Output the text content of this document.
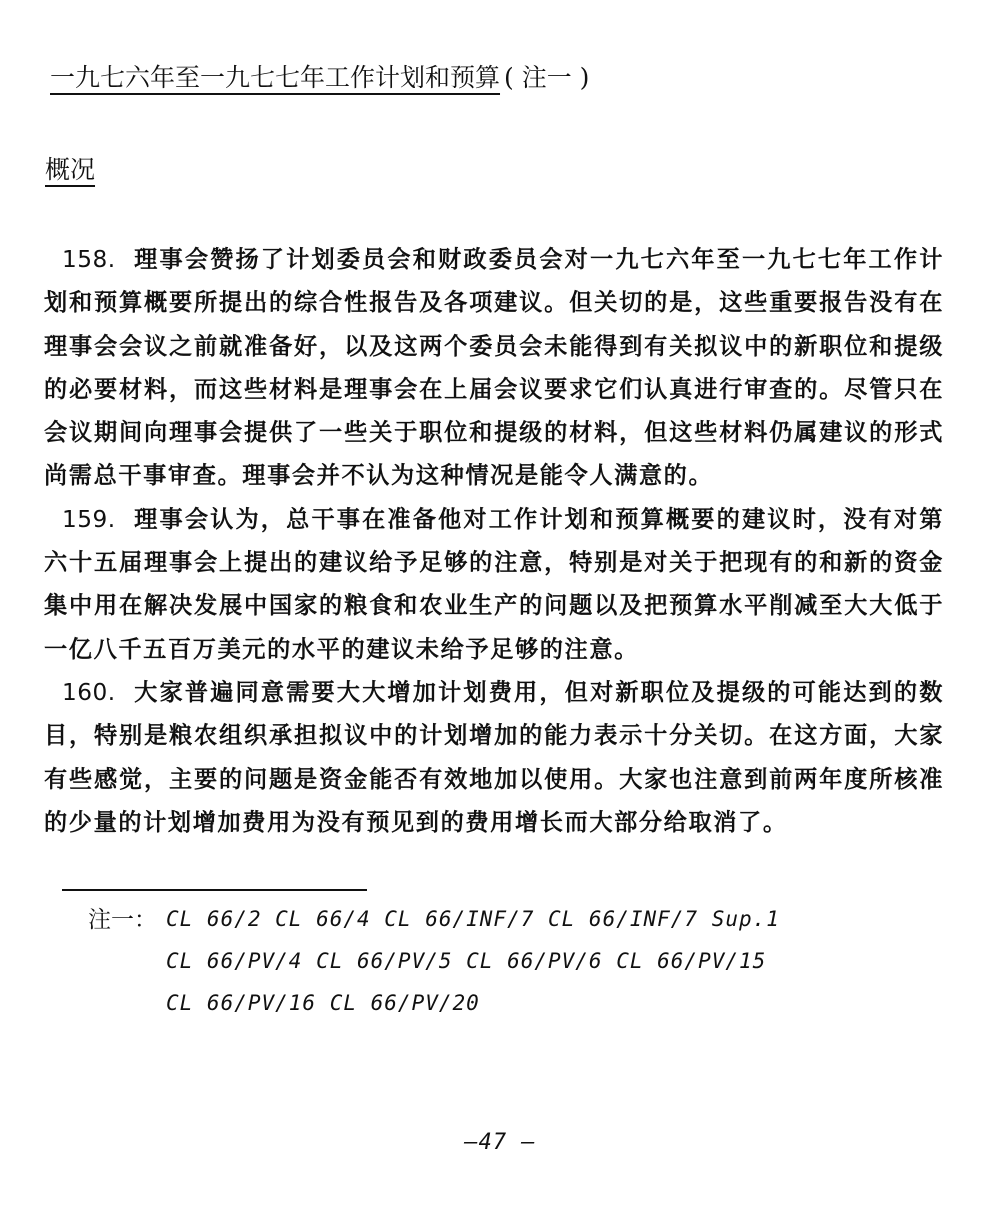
一九七六年至一九七七年工作计划和预算 ( 注一 )
概况

158. 理事会赞扬了计划委员会和财政委员会对一九七六年至一九七七年工作计划和预算概要所提出的综合性报告及各项建议。但关切的是，这些重要报告没有在理事会会议之前就准备好，以及这两个委员会未能得到有关拟议中的新职位和提级的必要材料，而这些材料是理事会在上届会议要求它们认真进行审查的。尽管只在会议期间向理事会提供了一些关于职位和提级的材料，但这些材料仍属建议的形式尚需总干事审查。理事会并不认为这种情况是能令人满意的。

159. 理事会认为，总干事在准备他对工作计划和预算概要的建议时，没有对第六十五届理事会上提出的建议给予足够的注意，特别是对关于把现有的和新的资金集中用在解决发展中国家的粮食和农业生产的问题以及把预算水平削减至大大低于一亿八千五百万美元的水平的建议未给予足够的注意。

160. 大家普遍同意需要大大增加计划费用，但对新职位及提级的可能达到的数目，特别是粮农组织承担拟议中的计划增加的能力表示十分关切。在这方面，大家有些感觉，主要的问题是资金能否有效地加以使用。大家也注意到前两年度所核准的少量的计划增加费用为没有预见到的费用增长而大部分给取消了。

注一： CL 66/2 CL 66/4 CL 66/INF/7 CL 66/INF/7 Sup.1
CL 66/PV/4 CL 66/PV/5 CL 66/PV/6 CL 66/PV/15
CL 66/PV/16 CL 66/PV/20
–47 –
